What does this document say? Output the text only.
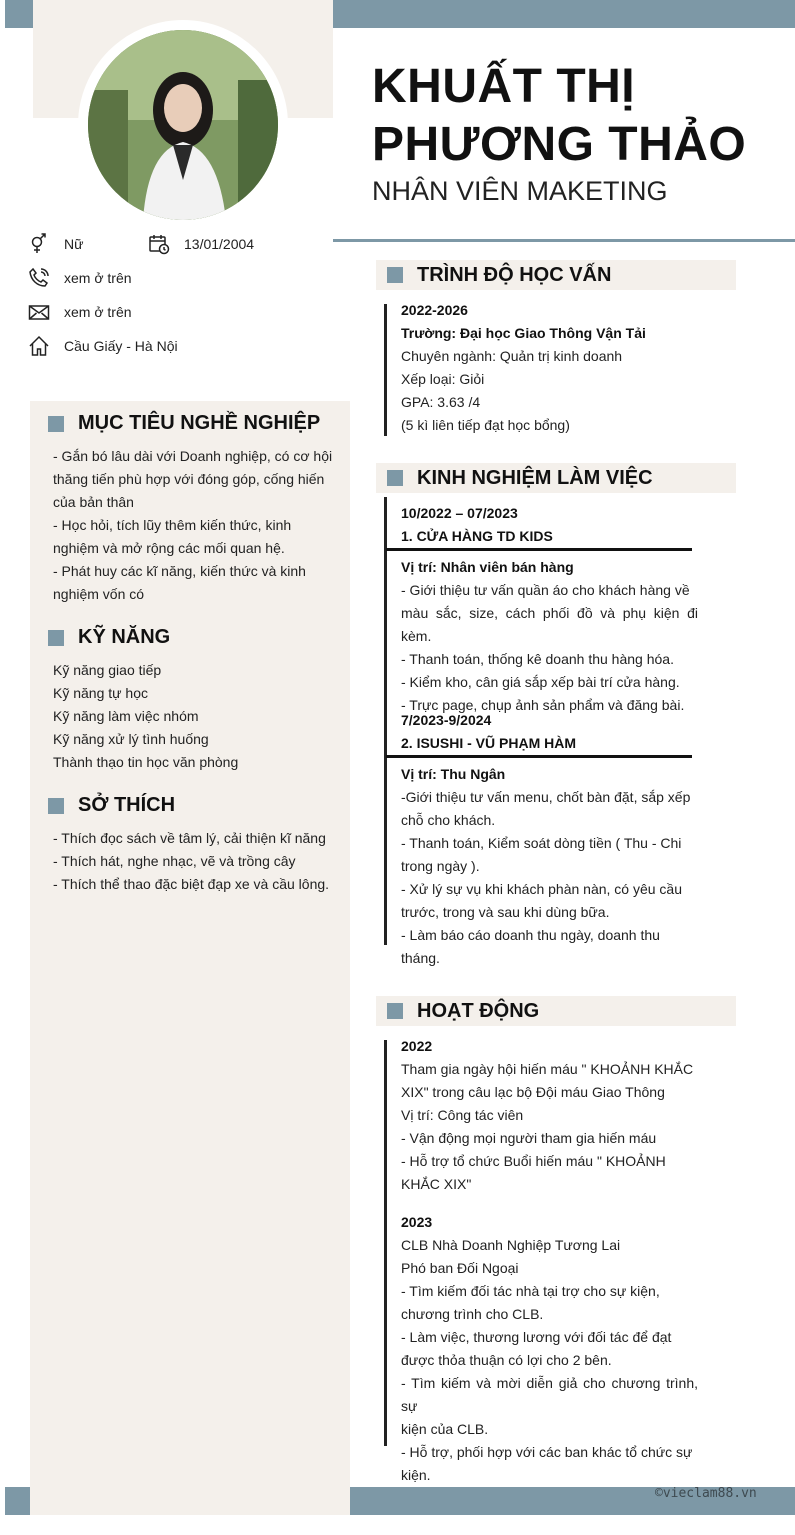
KHUẤT THỊ
PHƯƠNG THẢO
NHÂN VIÊN MAKETING
Nữ	13/01/2004
xem ở trên
xem ở trên
Cầu Giấy - Hà Nội
MỤC TIÊU NGHỀ NGHIỆP
- Gắn bó lâu dài với Doanh nghiệp, có cơ hội
thăng tiến phù hợp với đóng góp, cống hiến
của bản thân
- Học hỏi, tích lũy thêm kiến thức, kinh
nghiệm và mở rộng các mối quan hệ.
- Phát huy các kĩ năng, kiến thức và kinh
nghiệm vốn có
KỸ NĂNG
Kỹ năng giao tiếp
Kỹ năng tự học
Kỹ năng làm việc nhóm
Kỹ năng xử lý tình huống
Thành thạo tin học văn phòng
SỞ THÍCH
- Thích đọc sách về tâm lý, cải thiện kĩ năng
- Thích hát, nghe nhạc, vẽ và trồng cây
- Thích thể thao đặc biệt đạp xe và cầu lông.
TRÌNH ĐỘ HỌC VẤN
2022-2026
Trường: Đại học Giao Thông Vận Tải
Chuyên ngành: Quản trị kinh doanh
Xếp loại: Giỏi
GPA: 3.63 /4
(5 kì liên tiếp đạt học bổng)
KINH NGHIỆM LÀM VIỆC
10/2022 – 07/2023
1. CỬA HÀNG TD KIDS
Vị trí: Nhân viên bán hàng
- Giới thiệu tư vấn quần áo cho khách hàng về
màu sắc, size, cách phối đồ và phụ kiện đi kèm.
- Thanh toán, thống kê doanh thu hàng hóa.
- Kiểm kho, cân giá sắp xếp bài trí cửa hàng.
- Trực page, chụp ảnh sản phẩm và đăng bài.
7/2023-9/2024
2. ISUSHI - VŨ PHẠM HÀM
Vị trí: Thu Ngân
-Giới thiệu tư vấn menu, chốt bàn đặt, sắp xếp
chỗ cho khách.
- Thanh toán, Kiểm soát dòng tiền ( Thu - Chi
trong ngày ).
- Xử lý sự vụ khi khách phàn nàn, có yêu cầu
trước, trong và sau khi dùng bữa.
- Làm báo cáo doanh thu ngày, doanh thu
tháng.
HOẠT ĐỘNG
2022
Tham gia ngày hội hiến máu " KHOẢNH KHẮC
XIX" trong câu lạc bộ Đội máu Giao Thông
Vị trí: Công tác viên
- Vận động mọi người tham gia hiến máu
- Hỗ trợ tổ chức Buổi hiến máu " KHOẢNH
KHẮC XIX"
2023
CLB Nhà Doanh Nghiệp Tương Lai
Phó ban Đối Ngoại
- Tìm kiếm đối tác nhà tại trợ cho sự kiện,
chương trình cho CLB.
- Làm việc, thương lương với đối tác để đạt
được thỏa thuận có lợi cho 2 bên.
- Tìm kiếm và mời diễn giả cho chương trình, sự
kiện của CLB.
- Hỗ trợ, phối hợp với các ban khác tổ chức sự
kiện.
©vieclam88.vn
